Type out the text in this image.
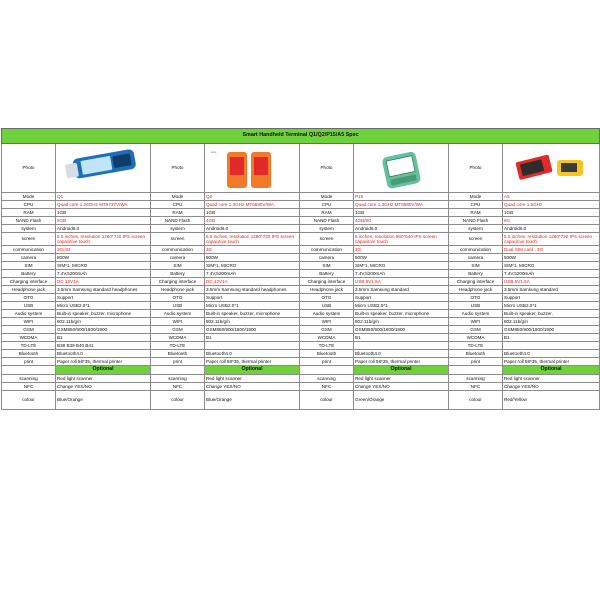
Smart Handheld Terminal Q1/Q2/P15/A5 Spec							
Photo		Photo	▪▪▪▪▪	Photo		Photo	

Mode	Q1	Mode	Q2	Mode	P15	Mode	A5
CPU	Quad core 1.26GHz MT6737V/WA	CPU	Quad core 1.3GHz MT6580V/WA	CPU	Quad core 1.3GHz MT6580V/WA	CPU	Quad core 1.5GHz
RAM	1GB	RAM	1GB	RAM	1GB	RAM	1GB
NAND Flash	8GB	NAND Flash	4GB	NAND Flash	4GB/8G	NAND Flash	8G
system	Android6.0	system	Android6.0	system	Android6.0	system	Android6.0
screen	5.5 inches, resolution 1280*720 IPS screen capacitive touch	screen	5.5 inches, resolution 1280*720 IPS screen capacitive touch	screen	5 inches, resolution 960*640 IPS screen capacitive touch	screen	5.5 inches, resolution 1280*720 IPS screen capacitive touch
communication	3G/4G	communication	3G	communication	3G	communication	Dual SIM card , 3G
camera	800W	camera	800W	camera	500W	camera	500W
SIM	SIM*1, MICRO	SIM	SIM*1, MICRO	SIM	SIM*1, MICRO	SIM	SIM*1, MICRO
Battery	7.4V,5200mAh	Battery	7.4V,5200mAh	Battery	7.4V,5200mAh	Battery	7.4V,5200mAh
Charging interface	DC 12V1A	Charging interface	DC 12V1A	Charging interface	USB 5V1.5A	Charging interface	USB 5V1.5A
Headphone jack	3.5mm Samsung standard headphones	Headphone jack	3.5mm Samsung standard headphones	Headphone jack	3.5mm Samsung standard	Headphone jack	3.5mm Samsung standard
OTG	Support	OTG	Support	OTG	Support	OTG	Support
USB	Micro USB2.0*1	USB	Micro USB2.0*1	USB	Micro USB2.0*1	USB	Micro USB2.0*1
Audio system	Built-in speaker, buzzer, microphone	Audio system	Built-in speaker, buzzer, microphone	Audio system	Built-in speaker, buzzer, microphone	Audio system	Built-in speaker, buzzer,
WIFI	802.11b/g/n	WIFI	802.11b/g/n	WIFI	802.11b/g/n	WIFI	802.11b/g/n
GSM	GSM850/900/1800/1900	GSM	GSM850/900/1800/1900	GSM	GSM850/900/1800/1900	GSM	GSM850/900/1800/1900
WCDMA	B1	WCDMA	B1	WCDMA	B1	WCDMA	B1
TD-LTE	B38 B39 B40 B41	TD-LTE		TD-LTE		TD-LTE	
Bluetooth	Bluetooth4.0	Bluetooth	Bluetooth4.0	Bluetooth	Bluetooth4.0	Bluetooth	Bluetooth4.0
print	Paper roll 58*35, thermal printer	print	Paper roll 58*35, thermal printer	print	Paper roll 58*35, thermal printer	print	Paper roll 58*35, thermal printer
	Optional		Optional		Optional		Optional
scanning	Red light scanner	scanning	Red light scanner	scanning	Red light scanner	scanning	Red light scanner
NFC	Change YES/NO	NFC	Change YES/NO	NFC	Change YES/NO	NFC	Change YES/NO
colour	Blue/Orange	colour	Blue/Orange	colour	Green/Orange	colour	Red/Yellow
